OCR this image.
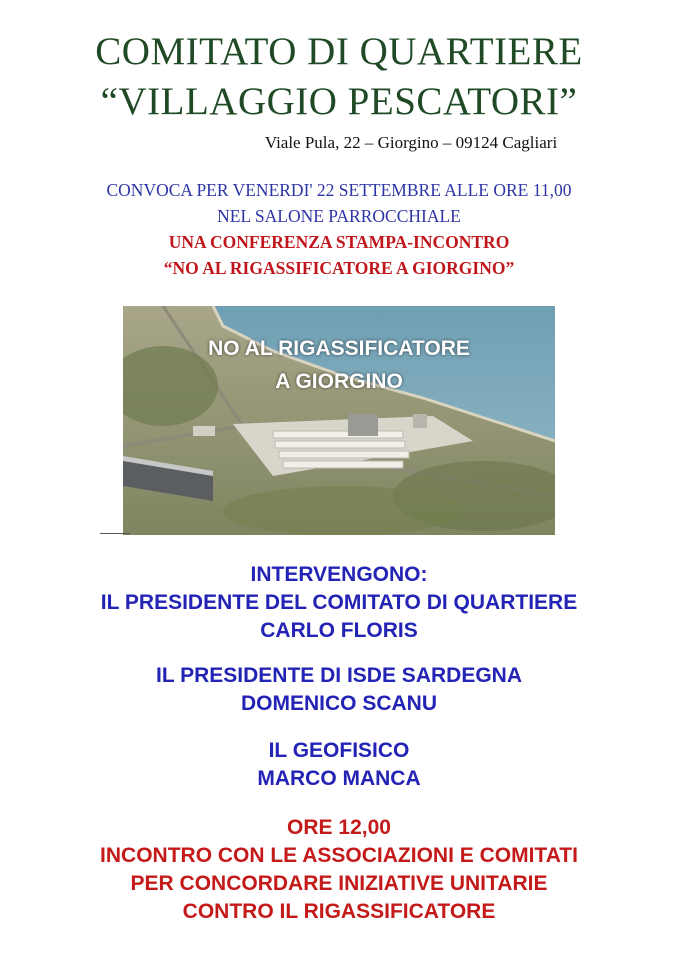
COMITATO DI QUARTIERE
“VILLAGGIO PESCATORI”
Viale Pula, 22 – Giorgino – 09124 Cagliari
CONVOCA PER VENERDI' 22 SETTEMBRE ALLE ORE 11,00
NEL SALONE PARROCCHIALE
UNA CONFERENZA STAMPA-INCONTRO
“NO AL RIGASSIFICATORE A GIORGINO”
NO AL RIGASSIFICATORE
A GIORGINO
INTERVENGONO:
IL PRESIDENTE DEL COMITATO DI QUARTIERE
CARLO FLORIS
IL PRESIDENTE DI ISDE SARDEGNA
DOMENICO SCANU
IL GEOFISICO
MARCO MANCA
ORE 12,00
INCONTRO CON LE ASSOCIAZIONI E COMITATI
PER CONCORDARE INIZIATIVE UNITARIE
CONTRO IL RIGASSIFICATORE
